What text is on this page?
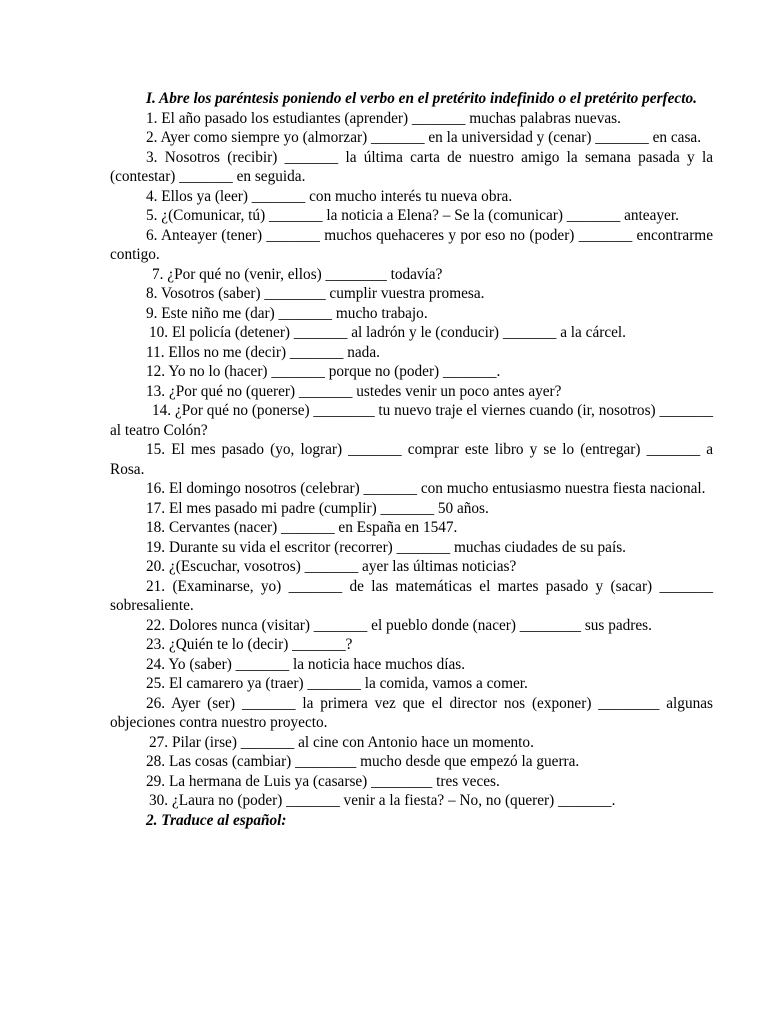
I. Abre los paréntesis poniendo el verbo en el pretérito indefinido o el pretérito perfecto.
1. El año pasado los estudiantes (aprender) _______ muchas palabras nuevas.
2. Ayer como siempre yo (almorzar) _______ en la universidad y (cenar) _______ en casa.
3. Nosotros (recibir) _______ la última carta de nuestro amigo la semana pasada y la (contestar) _______ en seguida.
4. Ellos ya (leer) _______ con mucho interés tu nueva obra.
5. ¿(Comunicar, tú) _______ la noticia a Elena? – Se la (comunicar) _______ anteayer.
6. Anteayer (tener) _______ muchos quehaceres y por eso no (poder) _______ encontrarme contigo.
7. ¿Por qué no (venir, ellos) ________ todavía?
8. Vosotros (saber) ________ cumplir vuestra promesa.
9. Este niño me (dar) _______ mucho trabajo.
10. El policía (detener) _______ al ladrón y le (conducir) _______ a la cárcel.
11. Ellos no me (decir) _______ nada.
12. Yo no lo (hacer) _______ porque no (poder) _______.
13. ¿Por qué no (querer) _______ ustedes venir un poco antes ayer?
14. ¿Por qué no (ponerse) ________ tu nuevo traje el viernes cuando (ir, nosotros) _______ al teatro Colón?
15. El mes pasado (yo, lograr) _______ comprar este libro y se lo (entregar) _______ a Rosa.
16. El domingo nosotros (celebrar) _______ con mucho entusiasmo nuestra fiesta nacional.
17. El mes pasado mi padre (cumplir) _______ 50 años.
18. Cervantes (nacer) _______ en España en 1547.
19. Durante su vida el escritor (recorrer) _______ muchas ciudades de su país.
20. ¿(Escuchar, vosotros) _______ ayer las últimas noticias?
21. (Examinarse, yo) _______ de las matemáticas el martes pasado y (sacar) _______ sobresaliente.
22. Dolores nunca (visitar) _______ el pueblo donde (nacer) ________ sus padres.
23. ¿Quién te lo (decir) _______?
24. Yo (saber) _______ la noticia hace muchos días.
25. El camarero ya (traer) _______ la comida, vamos a comer.
26. Ayer (ser) _______ la primera vez que el director nos (exponer) ________ algunas objeciones contra nuestro proyecto.
27. Pilar (irse) _______ al cine con Antonio hace un momento.
28. Las cosas (cambiar) ________ mucho desde que empezó la guerra.
29. La hermana de Luis ya (casarse) ________ tres veces.
30. ¿Laura no (poder) _______ venir a la fiesta? – No, no (querer) _______.
2. Traduce al español:
